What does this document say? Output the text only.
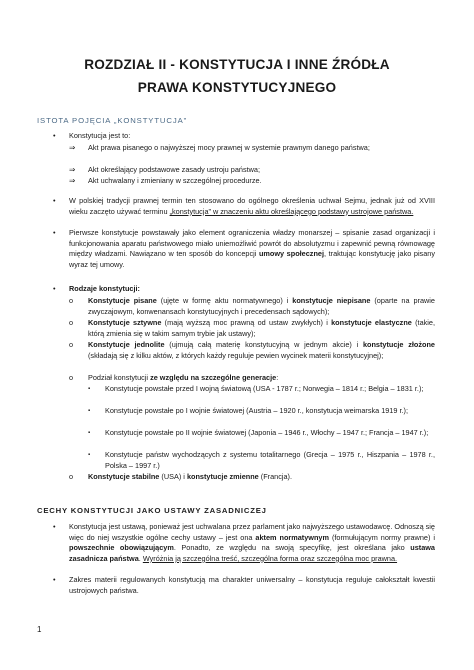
ROZDZIAŁ II - KONSTYTUCJA I INNE ŹRÓDŁA
PRAWA KONSTYTUCYJNEGO
ISTOTA POJĘCIA „KONSTYTUCJA”
• Konstytucja jest to:
⇒ Akt prawa pisanego o najwyższej mocy prawnej w systemie prawnym danego państwa;
⇒ Akt określający podstawowe zasady ustroju państwa;
⇒ Akt uchwalany i zmieniany w szczególnej procedurze.
• W polskiej tradycji prawnej termin ten stosowano do ogólnego określenia uchwał Sejmu, jednak już od XVIII wieku zaczęto używać terminu „konstytucja” w znaczeniu aktu określającego podstawy ustrojowe państwa.
• Pierwsze konstytucje powstawały jako element ograniczenia władzy monarszej – spisanie zasad organizacji i funkcjonowania aparatu państwowego miało uniemożliwić powrót do absolutyzmu i zapewnić pewną równowagę między władzami. Nawiązano w ten sposób do koncepcji umowy społecznej, traktując konstytucję jako pisany wyraz tej umowy.
• Rodzaje konstytucji:
o Konstytucje pisane (ujęte w formę aktu normatywnego) i konstytucje niepisane (oparte na prawie zwyczajowym, konwenansach konstytucyjnych i precedensach sądowych);
o Konstytucje sztywne (mają wyższą moc prawną od ustaw zwykłych) i konstytucje elastyczne (takie, którą zmienia się w takim samym trybie jak ustawy);
o Konstytucje jednolite (ujmują całą materię konstytucyjną w jednym akcie) i konstytucje złożone (składają się z kilku aktów, z których każdy reguluje pewien wycinek materii konstytucyjnej);
o Podział konstytucji ze względu na szczególne generacje:
▪ Konstytucje powstałe przed I wojną światową (USA - 1787 r.; Norwegia – 1814 r.; Belgia – 1831 r.);
▪ Konstytucje powstałe po I wojnie światowej (Austria – 1920 r., konstytucja weimarska 1919 r.);
▪ Konstytucje powstałe po II wojnie światowej (Japonia – 1946 r., Włochy – 1947 r.; Francja – 1947 r.);
▪ Konstytucje państw wychodzących z systemu totalitarnego (Grecja – 1975 r., Hiszpania – 1978 r., Polska – 1997 r.)
o Konstytucje stabilne (USA) i konstytucje zmienne (Francja).
CECHY KONSTYTUCJI JAKO USTAWY ZASADNICZEJ
• Konstytucja jest ustawą, ponieważ jest uchwalana przez parlament jako najwyższego ustawodawcę. Odnoszą się więc do niej wszystkie ogólne cechy ustawy – jest ona aktem normatywnym (formułującym normy prawne) i powszechnie obowiązującym. Ponadto, ze względu na swoją specyfikę, jest określana jako ustawa zasadnicza państwa. Wyróżnia ją szczególna treść, szczególna forma oraz szczególna moc prawna.
• Zakres materii regulowanych konstytucją ma charakter uniwersalny – konstytucja reguluje całokształt kwestii ustrojowych państwa.
1
